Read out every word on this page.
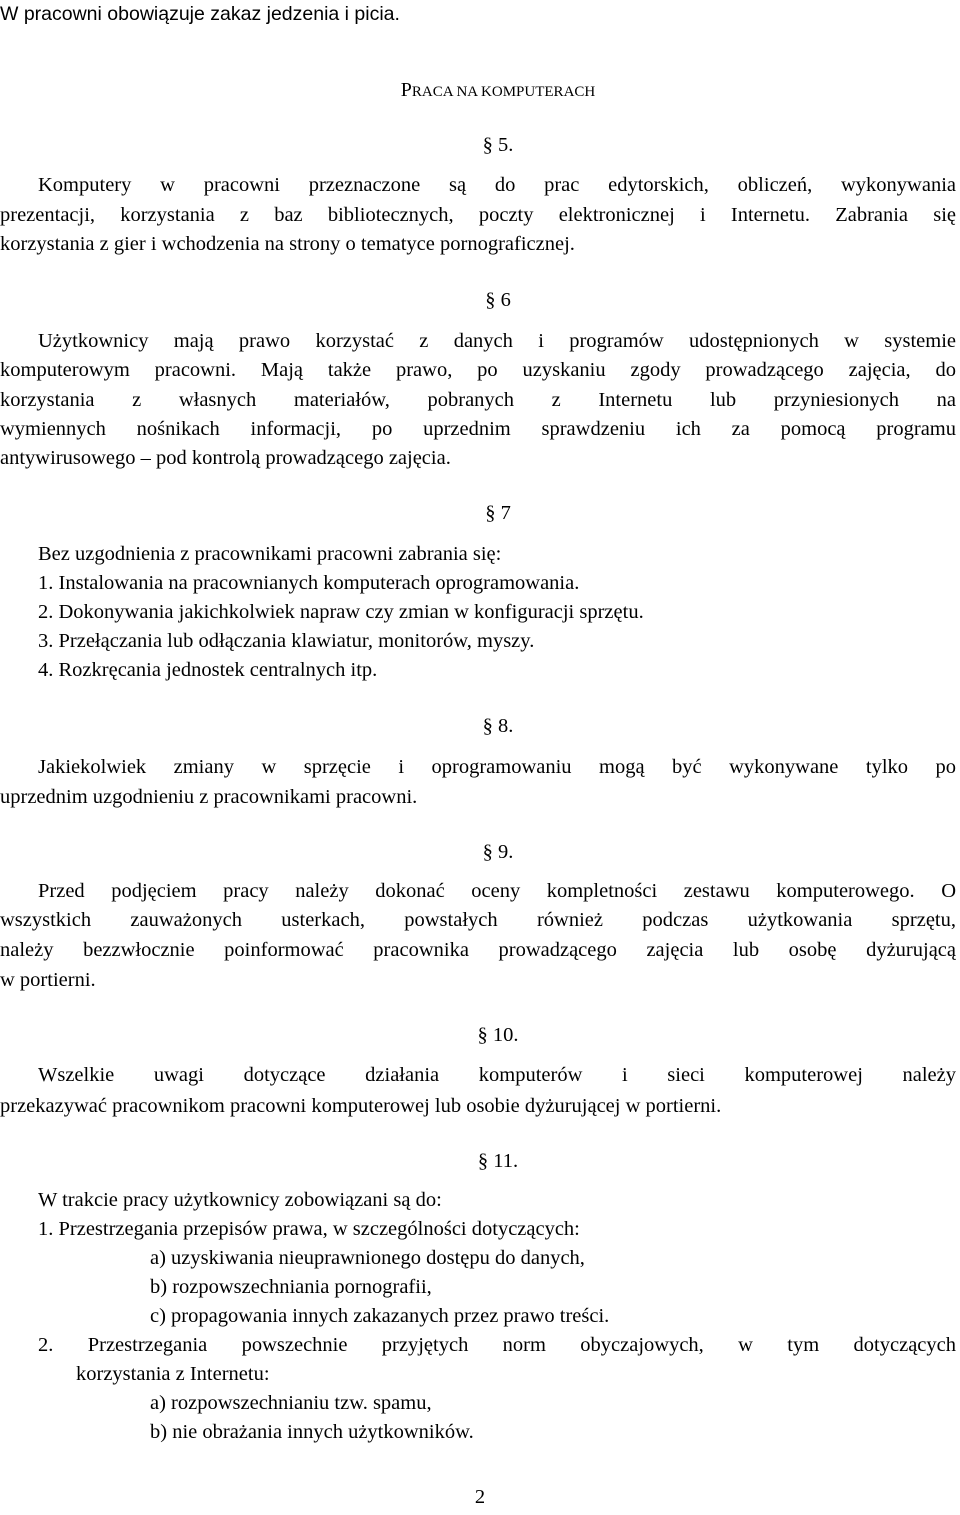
W pracowni obowiązuje zakaz jedzenia i picia.
PRACA NA KOMPUTERACH
§ 5.
Komputery w pracowni przeznaczone są do prac edytorskich, obliczeń, wykonywania
prezentacji, korzystania z baz bibliotecznych, poczty elektronicznej i Internetu. Zabrania się
korzystania z gier i wchodzenia na strony o tematyce pornograficznej.
§ 6
Użytkownicy mają prawo korzystać z danych i programów udostępnionych w systemie
komputerowym pracowni. Mają także prawo, po uzyskaniu zgody prowadzącego zajęcia, do
korzystania z własnych materiałów, pobranych z Internetu lub przyniesionych na
wymiennych nośnikach informacji, po uprzednim sprawdzeniu ich za pomocą programu
antywirusowego – pod kontrolą prowadzącego zajęcia.
§ 7
Bez uzgodnienia z pracownikami pracowni zabrania się:
1. Instalowania na pracownianych komputerach oprogramowania.
2. Dokonywania jakichkolwiek napraw czy zmian w konfiguracji sprzętu.
3. Przełączania lub odłączania klawiatur, monitorów, myszy.
4. Rozkręcania jednostek centralnych itp.
§ 8.
Jakiekolwiek zmiany w sprzęcie i oprogramowaniu mogą być wykonywane tylko po
uprzednim uzgodnieniu z pracownikami pracowni.
§ 9.
Przed podjęciem pracy należy dokonać oceny kompletności zestawu komputerowego. O
wszystkich zauważonych usterkach, powstałych również podczas użytkowania sprzętu,
należy bezzwłocznie poinformować pracownika prowadzącego zajęcia lub osobę dyżurującą
w portierni.
§ 10.
Wszelkie uwagi dotyczące działania komputerów i sieci komputerowej należy
przekazywać pracownikom pracowni komputerowej lub osobie dyżurującej w portierni.
§ 11.
W trakcie pracy użytkownicy zobowiązani są do:
1. Przestrzegania przepisów prawa, w szczególności dotyczących:
a) uzyskiwania nieuprawnionego dostępu do danych,
b) rozpowszechniania pornografii,
c) propagowania innych zakazanych przez prawo treści.
2. Przestrzegania powszechnie przyjętych norm obyczajowych, w tym dotyczących
korzystania z Internetu:
a) rozpowszechnianiu tzw. spamu,
b) nie obrażania innych użytkowników.
2
